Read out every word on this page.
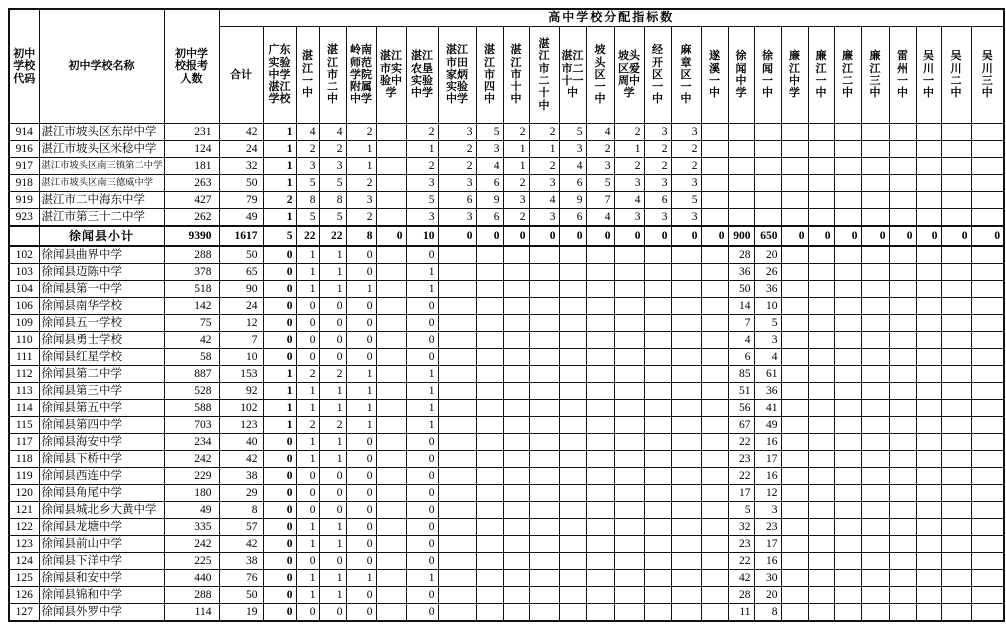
初中学校代码	初中学校名称	初中学校报考人数	高中学校分配指标数																										
			合计	广东实验中学湛江学校	湛江一中	湛江市二中	岭南师范学院附属中学	湛江市实验中学	湛江农垦实验中学	湛江市田家炳实验中学	湛江市四中	湛江市十中	湛江市二十中	湛江市二十一中	坡头区一中	坡头区爱周中学	经开区一中	麻章区一中	遂溪一中	徐闻中学	徐闻一中	廉江中学	廉江一中	廉江二中	廉江三中	雷州一中	吴川一中	吴川二中	吴川三中

914	湛江市坡头区东岸中学	231	42	1	4	4	2		2	3	5	2	2	5	4	2	3	3											
916	湛江市坡头区米稔中学	124	24	1	2	2	1		1	2	3	1	1	3	2	1	2	2											
917	湛江市坡头区南三镇第二中学	181	32	1	3	3	1		2	2	4	1	2	4	3	2	2	2											
918	湛江市坡头区南三德威中学	263	50	1	5	5	2		3	3	6	2	3	6	5	3	3	3											
919	湛江市二中海东中学	427	79	2	8	8	3		5	6	9	3	4	9	7	4	6	5											
923	湛江市第三十二中学	262	49	1	5	5	2		3	3	6	2	3	6	4	3	3	3											
	徐闻县小计	9390	1617	5	22	22	8	0	10	0	0	0	0	0	0	0	0	0	0	900	650	0	0	0	0	0	0	0	0
102	徐闻县曲界中学	288	50	0	1	1	0		0											28	20								
103	徐闻县迈陈中学	378	65	0	1	1	0		1											36	26								
104	徐闻县第一中学	518	90	0	1	1	1		1											50	36								
106	徐闻县南华学校	142	24	0	0	0	0		0											14	10								
109	徐闻县五一学校	75	12	0	0	0	0		0											7	5								
110	徐闻县勇士学校	42	7	0	0	0	0		0											4	3								
111	徐闻县红星学校	58	10	0	0	0	0		0											6	4								
112	徐闻县第二中学	887	153	1	2	2	1		1											85	61								
113	徐闻县第三中学	528	92	1	1	1	1		1											51	36								
114	徐闻县第五中学	588	102	1	1	1	1		1											56	41								
115	徐闻县第四中学	703	123	1	2	2	1		1											67	49								
117	徐闻县海安中学	234	40	0	1	1	0		0											22	16								
118	徐闻县下桥中学	242	42	0	1	1	0		0											23	17								
119	徐闻县西连中学	229	38	0	0	0	0		0											22	16								
120	徐闻县角尾中学	180	29	0	0	0	0		0											17	12								
121	徐闻县城北乡大黄中学	49	8	0	0	0	0		0											5	3								
122	徐闻县龙塘中学	335	57	0	1	1	0		0											32	23								
123	徐闻县前山中学	242	42	0	1	1	0		0											23	17								
124	徐闻县下洋中学	225	38	0	0	0	0		0											22	16								
125	徐闻县和安中学	440	76	0	1	1	1		1											42	30								
126	徐闻县锦和中学	288	50	0	1	1	0		0											28	20								
127	徐闻县外罗中学	114	19	0	0	0	0		0											11	8								
